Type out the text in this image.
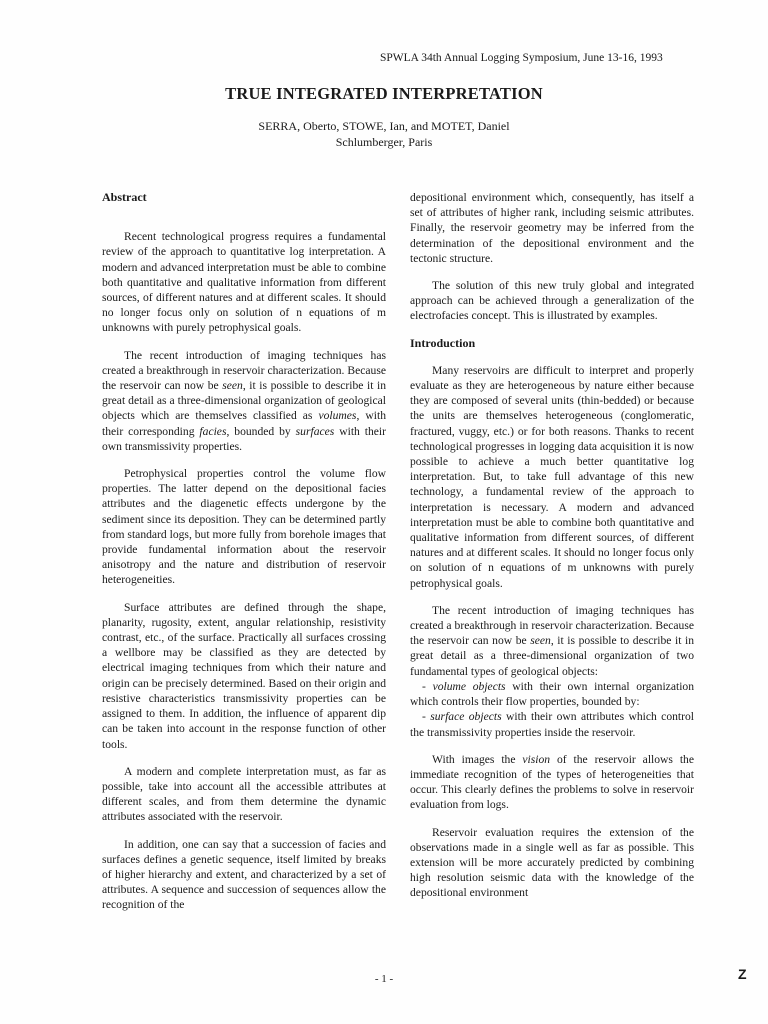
SPWLA 34th Annual Logging Symposium, June 13-16, 1993
TRUE INTEGRATED INTERPRETATION
SERRA, Oberto, STOWE, Ian, and MOTET, Daniel
Schlumberger, Paris
Abstract

Recent technological progress requires a fundamental review of the approach to quantitative log interpretation. A modern and advanced interpretation must be able to combine both quantitative and qualitative information from different sources, of different natures and at different scales. It should no longer focus only on solution of n equations of m unknowns with purely petrophysical goals.

The recent introduction of imaging techniques has created a breakthrough in reservoir characterization. Because the reservoir can now be seen, it is possible to describe it in great detail as a three-dimensional organization of geological objects which are themselves classified as volumes, with their corresponding facies, bounded by surfaces with their own transmissivity properties.

Petrophysical properties control the volume flow properties. The latter depend on the depositional facies attributes and the diagenetic effects undergone by the sediment since its deposition. They can be determined partly from standard logs, but more fully from borehole images that provide fundamental information about the reservoir anisotropy and the nature and distribution of reservoir heterogeneities.

Surface attributes are defined through the shape, planarity, rugosity, extent, angular relationship, resistivity contrast, etc., of the surface. Practically all surfaces crossing a wellbore may be classified as they are detected by electrical imaging techniques from which their nature and origin can be precisely determined. Based on their origin and resistive characteristics transmissivity properties can be assigned to them. In addition, the influence of apparent dip can be taken into account in the response function of other tools.

A modern and complete interpretation must, as far as possible, take into account all the accessible attributes at different scales, and from them determine the dynamic attributes associated with the reservoir.

In addition, one can say that a succession of facies and surfaces defines a genetic sequence, itself limited by breaks of higher hierarchy and extent, and characterized by a set of attributes. A sequence and succession of sequences allow the recognition of the

depositional environment which, consequently, has itself a set of attributes of higher rank, including seismic attributes. Finally, the reservoir geometry may be inferred from the determination of the depositional environment and the tectonic structure.

The solution of this new truly global and integrated approach can be achieved through a generalization of the electrofacies concept. This is illustrated by examples.

Introduction

Many reservoirs are difficult to interpret and properly evaluate as they are heterogeneous by nature either because they are composed of several units (thin-bedded) or because the units are themselves heterogeneous (conglomeratic, fractured, vuggy, etc.) or for both reasons. Thanks to recent technological progresses in logging data acquisition it is now possible to achieve a much better quantitative log interpretation. But, to take full advantage of this new technology, a fundamental review of the approach to interpretation is necessary. A modern and advanced interpretation must be able to combine both quantitative and qualitative information from different sources, of different natures and at different scales. It should no longer focus only on solution of n equations of m unknowns with purely petrophysical goals.

The recent introduction of imaging techniques has created a breakthrough in reservoir characterization. Because the reservoir can now be seen, it is possible to describe it in great detail as a three-dimensional organization of two fundamental types of geological objects:

- volume objects with their own internal organization which controls their flow properties, bounded by:

- surface objects with their own attributes which control the transmissivity properties inside the reservoir.

With images the vision of the reservoir allows the immediate recognition of the types of heterogeneities that occur. This clearly defines the problems to solve in reservoir evaluation from logs.

Reservoir evaluation requires the extension of the observations made in a single well as far as possible. This extension will be more accurately predicted by combining high resolution seismic data with the knowledge of the depositional environment

- 1 -	Z
